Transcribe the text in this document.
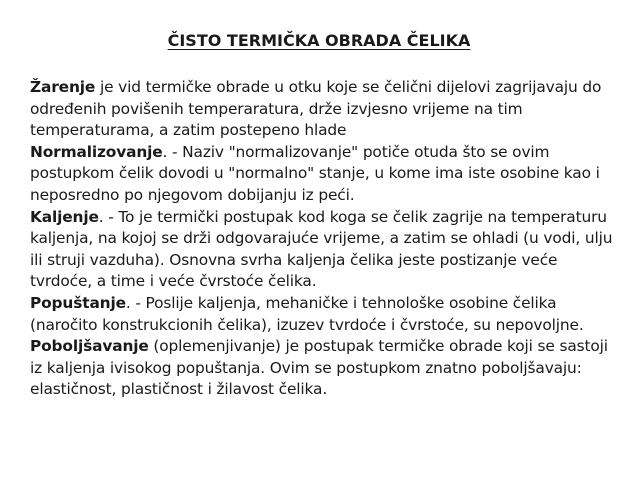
ČISTO TERMIČKA OBRADA ČELIKA

Žarenje je vid termičke obrade u otku koje se čelični dijelovi zagrijavaju do određenih povišenih temperaratura, drže izvjesno vrijeme na tim temperaturama, a zatim postepeno hlade

Normalizovanje. - Naziv "normalizovanje" potiče otuda što se ovim postupkom čelik dovodi u "normalno" stanje, u kome ima iste osobine kao i neposredno po njegovom dobijanju iz peći.

Kaljenje. - To je termički postupak kod koga se čelik zagrije na temperaturu kaljenja, na kojoj se drži odgovarajuće vrijeme, a zatim se ohladi (u vodi, ulju ili struji vazduha). Osnovna svrha kaljenja čelika jeste postizanje veće tvrdoće, a time i veće čvrstoće čelika.

Popuštanje. - Poslije kaljenja, mehaničke i tehnološke osobine čelika (naročito konstrukcionih čelika), izuzev tvrdoće i čvrstoće, su nepovoljne.

Poboljšavanje (oplemenjivanje) je postupak termičke obrade koji se sastoji iz kaljenja ivisokog popuštanja. Ovim se postupkom znatno poboljšavaju: elastičnost, plastičnost i žilavost čelika.
